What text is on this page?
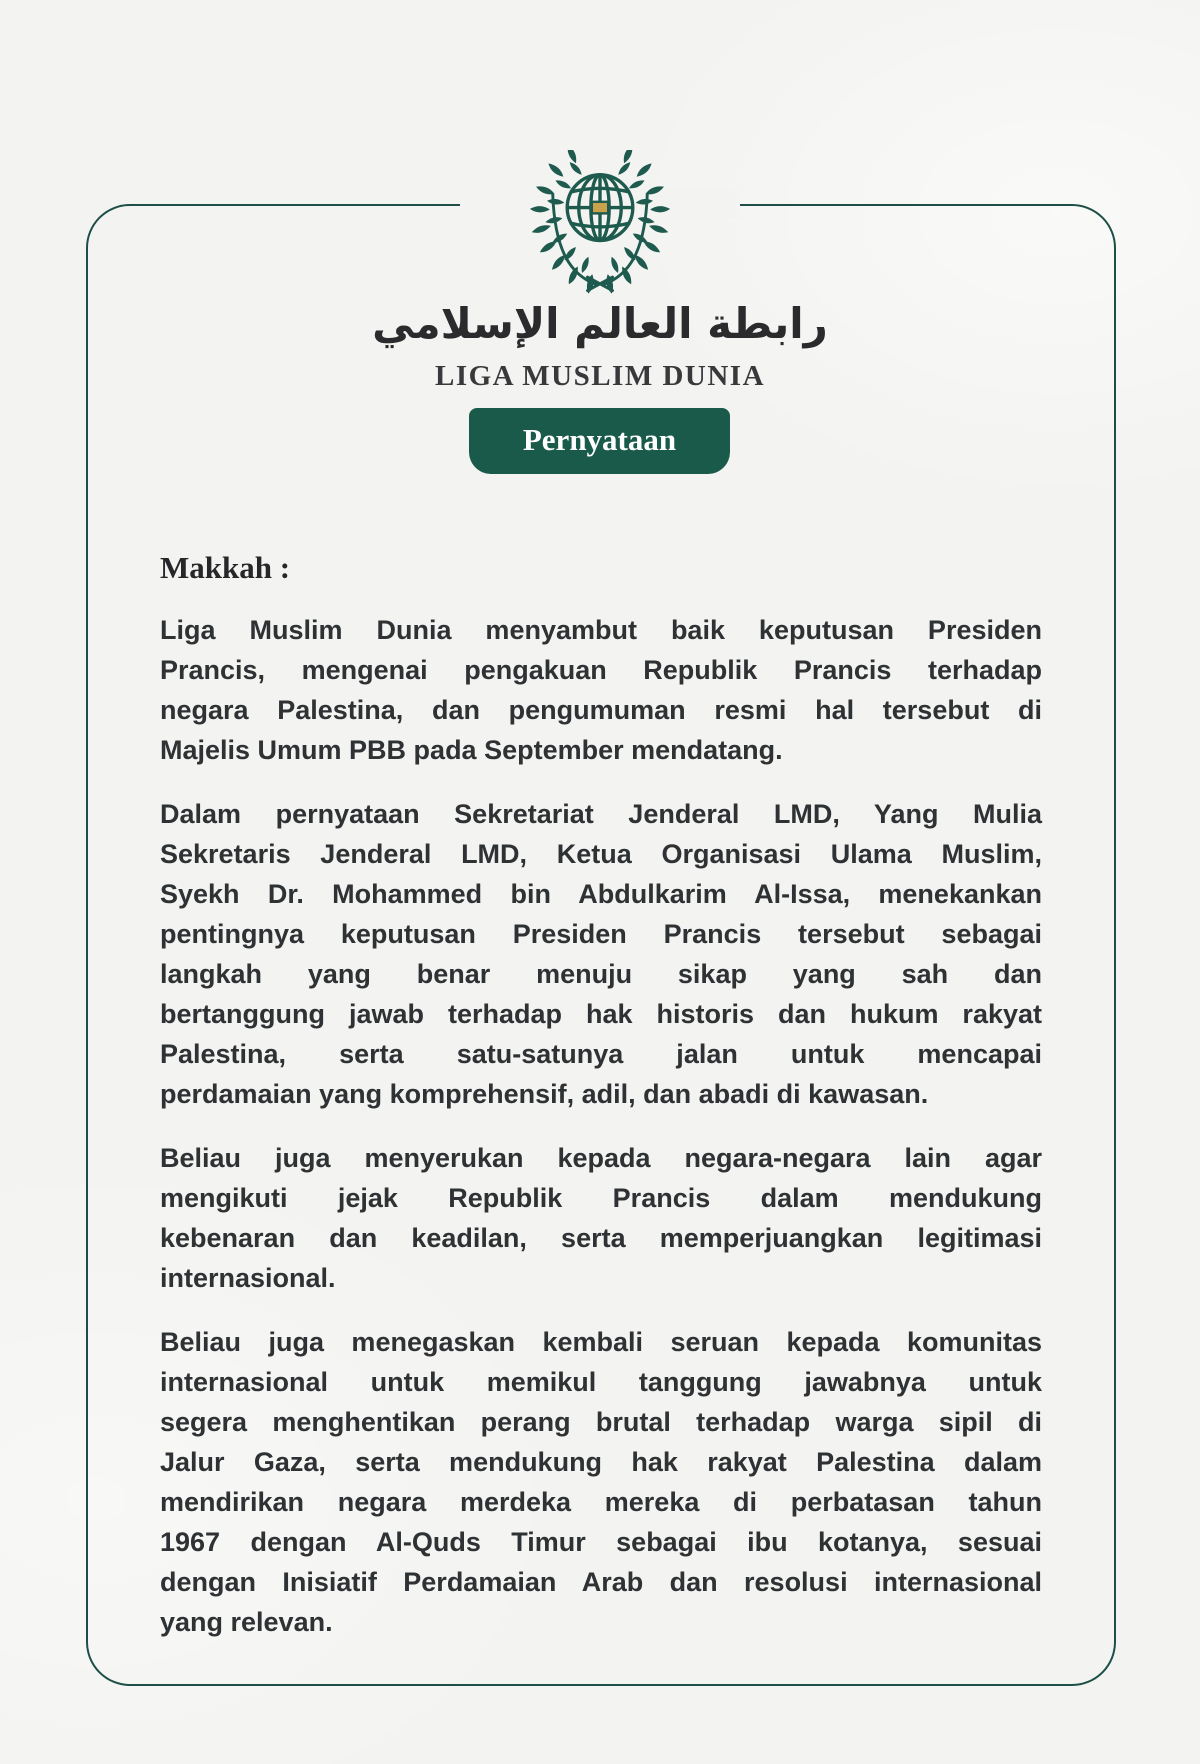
رابطة العالم الإسلامي
LIGA MUSLIM DUNIA
Pernyataan
Makkah :
Liga Muslim Dunia menyambut baik keputusan Presiden
Prancis, mengenai pengakuan Republik Prancis terhadap
negara Palestina, dan pengumuman resmi hal tersebut di
Majelis Umum PBB pada September mendatang.
Dalam pernyataan Sekretariat Jenderal LMD, Yang Mulia
Sekretaris Jenderal LMD, Ketua Organisasi Ulama Muslim,
Syekh Dr. Mohammed bin Abdulkarim Al-Issa, menekankan
pentingnya keputusan Presiden Prancis tersebut sebagai
langkah yang benar menuju sikap yang sah dan
bertanggung jawab terhadap hak historis dan hukum rakyat
Palestina, serta satu-satunya jalan untuk mencapai
perdamaian yang komprehensif, adil, dan abadi di kawasan.
Beliau juga menyerukan kepada negara-negara lain agar
mengikuti jejak Republik Prancis dalam mendukung
kebenaran dan keadilan, serta memperjuangkan legitimasi
internasional.
Beliau juga menegaskan kembali seruan kepada komunitas
internasional untuk memikul tanggung jawabnya untuk
segera menghentikan perang brutal terhadap warga sipil di
Jalur Gaza, serta mendukung hak rakyat Palestina dalam
mendirikan negara merdeka mereka di perbatasan tahun
1967 dengan Al-Quds Timur sebagai ibu kotanya, sesuai
dengan Inisiatif Perdamaian Arab dan resolusi internasional
yang relevan.
